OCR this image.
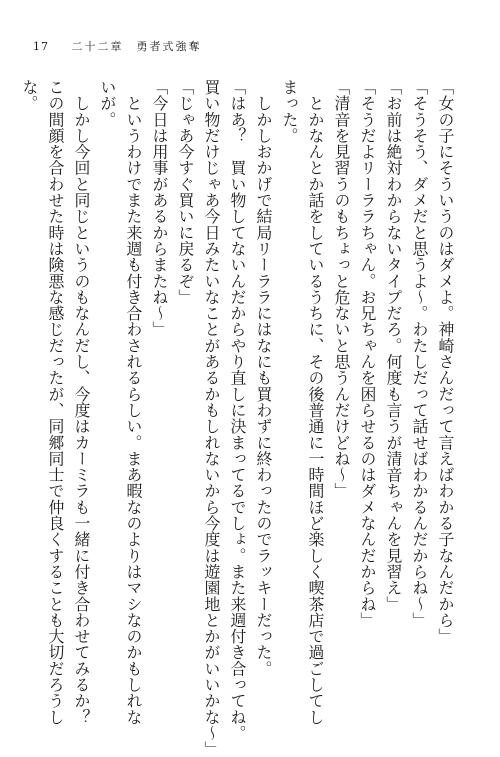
17 二十二章　勇者式強奪
「女の子にそういうのはダメよ。神崎さんだって言えばわかる子なんだから」
「そうそう、ダメだと思うよ～。わたしだって話せばわかるんだからね～」
「お前は絶対わからないタイプだろ。何度も言うが清音ちゃんを見習え」
「そうだよリーララちゃん。お兄ちゃんを困らせるのはダメなんだからね」
「清音を見習うのもちょっと危ないと思うんだけどね～」
　とかなんとか話をしているうちに、その後普通に一時間ほど楽しく喫茶店で過ごしてし
まった。
　しかしおかげで結局リーララにはなにも買わずに終わったのでラッキーだった。
「はあ？　買い物してないんだからやり直しに決まってるでしょ。また来週付き合ってね。
買い物だけじゃあ今日みたいなことがあるかもしれないから今度は遊園地とかがいいかな～」
「じゃあ今すぐ買いに戻るぞ」
「今日は用事があるからまたね～」
　というわけでまた来週も付き合わされるらしい。まあ暇なのよりはマシなのかもしれな
いが。
　しかし今回と同じというのもなんだし、今度はカーミラも一緒に付き合わせてみるか？
この間顔を合わせた時は険悪な感じだったが、同郷同士で仲良くすることも大切だろうし
な。
